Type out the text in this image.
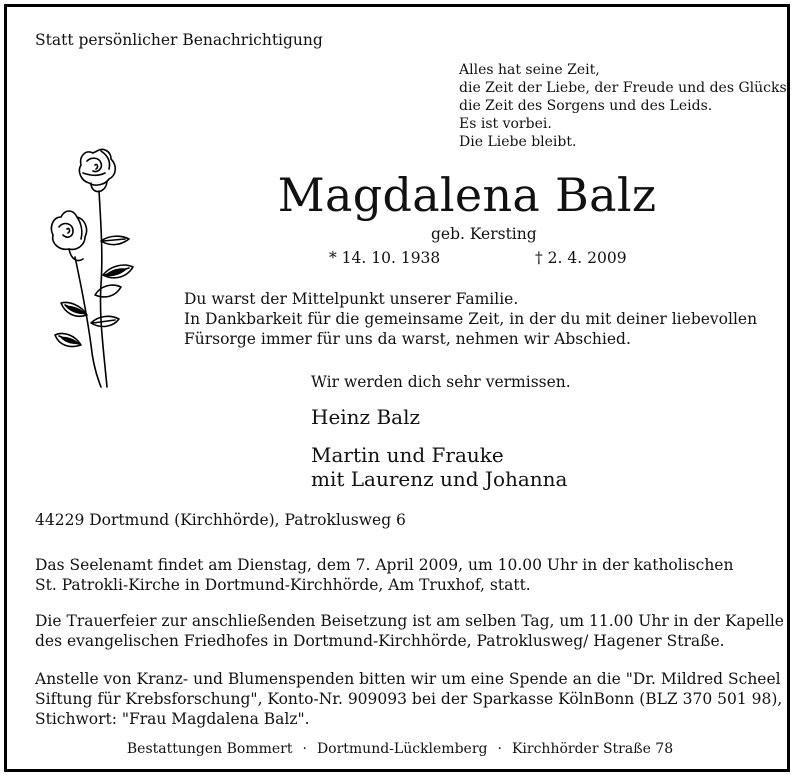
Statt persönlicher Benachrichtigung
Alles hat seine Zeit,
die Zeit der Liebe, der Freude und des Glücks,
die Zeit des Sorgens und des Leids.
Es ist vorbei.
Die Liebe bleibt.
Magdalena Balz
geb. Kersting
* 14. 10. 1938	† 2. 4. 2009
Du warst der Mittelpunkt unserer Familie.
In Dankbarkeit für die gemeinsame Zeit, in der du mit deiner liebevollen
Fürsorge immer für uns da warst, nehmen wir Abschied.
Wir werden dich sehr vermissen.
Heinz Balz
Martin und Frauke
mit Laurenz und Johanna
44229 Dortmund (Kirchhörde), Patroklusweg 6
Das Seelenamt findet am Dienstag, dem 7. April 2009, um 10.00 Uhr in der katholischen
St. Patrokli-Kirche in Dortmund-Kirchhörde, Am Truxhof, statt.
Die Trauerfeier zur anschließenden Beisetzung ist am selben Tag, um 11.00 Uhr in der Kapelle
des evangelischen Friedhofes in Dortmund-Kirchhörde, Patroklusweg/ Hagener Straße.
Anstelle von Kranz- und Blumenspenden bitten wir um eine Spende an die "Dr. Mildred Scheel
Siftung für Krebsforschung", Konto-Nr. 909093 bei der Sparkasse KölnBonn (BLZ 370 501 98),
Stichwort: "Frau Magdalena Balz".
Bestattungen Bommert · Dortmund-Lücklemberg · Kirchhörder Straße 78
